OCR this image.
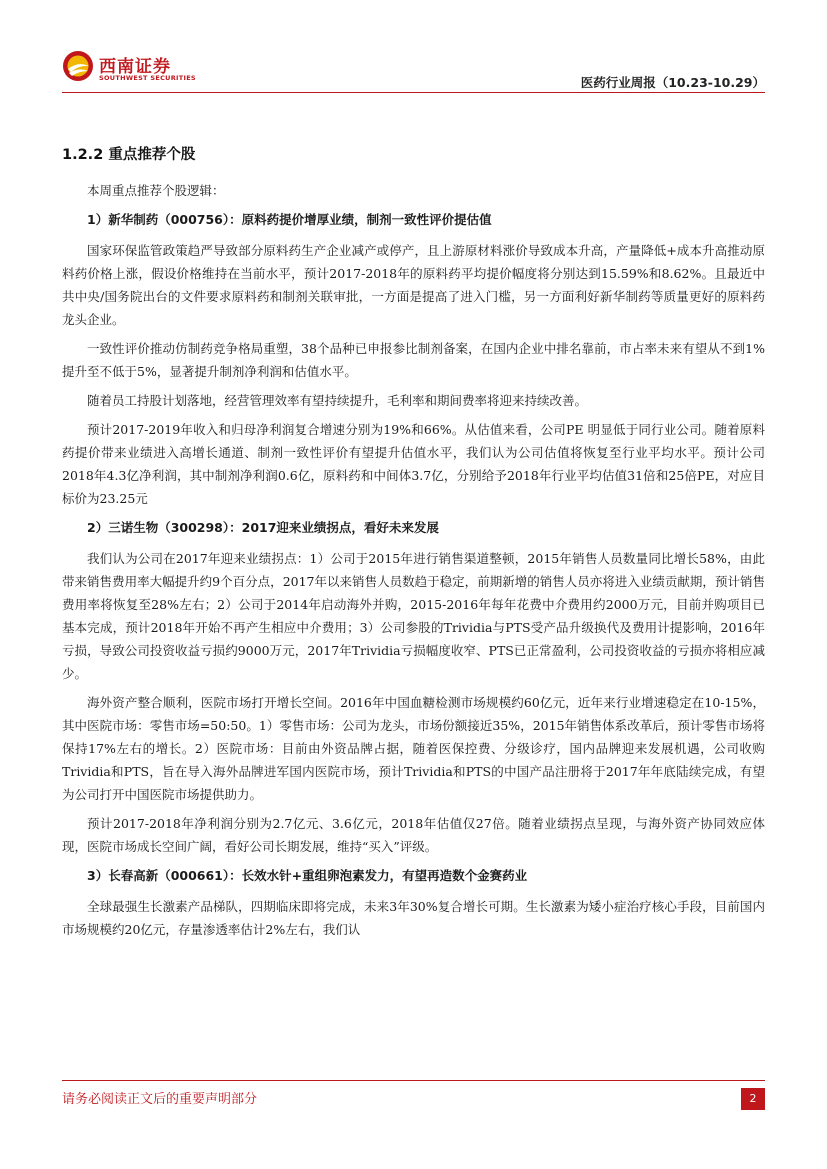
西南证券
SOUTHWEST SECURITIES	医药行业周报（10.23-10.29）
1.2.2 重点推荐个股

本周重点推荐个股逻辑：

1）新华制药（000756）：原料药提价增厚业绩，制剂一致性评价提估值

国家环保监管政策趋严导致部分原料药生产企业减产或停产，且上游原材料涨价导致成本升高，产量降低+成本升高推动原料药价格上涨，假设价格维持在当前水平，预计2017-2018年的原料药平均提价幅度将分别达到15.59%和8.62%。且最近中共中央/国务院出台的文件要求原料药和制剂关联审批，一方面是提高了进入门槛，另一方面利好新华制药等质量更好的原料药龙头企业。

一致性评价推动仿制药竞争格局重塑，38个品种已申报参比制剂备案，在国内企业中排名靠前，市占率未来有望从不到1%提升至不低于5%，显著提升制剂净利润和估值水平。

随着员工持股计划落地，经营管理效率有望持续提升，毛利率和期间费率将迎来持续改善。

预计2017-2019年收入和归母净利润复合增速分别为19%和66%。从估值来看，公司PE 明显低于同行业公司。随着原料药提价带来业绩进入高增长通道、制剂一致性评价有望提升估值水平，我们认为公司估值将恢复至行业平均水平。预计公司2018年4.3亿净利润，其中制剂净利润0.6亿，原料药和中间体3.7亿，分别给予2018年行业平均估值31倍和25倍PE，对应目标价为23.25元

2）三诺生物（300298）：2017迎来业绩拐点，看好未来发展

我们认为公司在2017年迎来业绩拐点：1）公司于2015年进行销售渠道整顿，2015年销售人员数量同比增长58%，由此带来销售费用率大幅提升约9个百分点，2017年以来销售人员数趋于稳定，前期新增的销售人员亦将进入业绩贡献期，预计销售费用率将恢复至28%左右；2）公司于2014年启动海外并购，2015-2016年每年花费中介费用约2000万元，目前并购项目已基本完成，预计2018年开始不再产生相应中介费用；3）公司参股的Trividia与PTS受产品升级换代及费用计提影响，2016年亏损，导致公司投资收益亏损约9000万元，2017年Trividia亏损幅度收窄、PTS已正常盈利，公司投资收益的亏损亦将相应减少。

海外资产整合顺利，医院市场打开增长空间。2016年中国血糖检测市场规模约60亿元，近年来行业增速稳定在10-15%，其中医院市场：零售市场=50:50。1）零售市场：公司为龙头，市场份额接近35%，2015年销售体系改革后，预计零售市场将保持17%左右的增长。2）医院市场：目前由外资品牌占据，随着医保控费、分级诊疗，国内品牌迎来发展机遇，公司收购Trividia和PTS，旨在导入海外品牌进军国内医院市场，预计Trividia和PTS的中国产品注册将于2017年年底陆续完成，有望为公司打开中国医院市场提供助力。

预计2017-2018年净利润分别为2.7亿元、3.6亿元，2018年估值仅27倍。随着业绩拐点呈现，与海外资产协同效应体现，医院市场成长空间广阔，看好公司长期发展，维持“买入”评级。

3）长春高新（000661）：长效水针+重组卵泡素发力，有望再造数个金赛药业

全球最强生长激素产品梯队，四期临床即将完成，未来3年30%复合增长可期。生长激素为矮小症治疗核心手段，目前国内市场规模约20亿元，存量渗透率估计2%左右，我们认

请务必阅读正文后的重要声明部分	2
